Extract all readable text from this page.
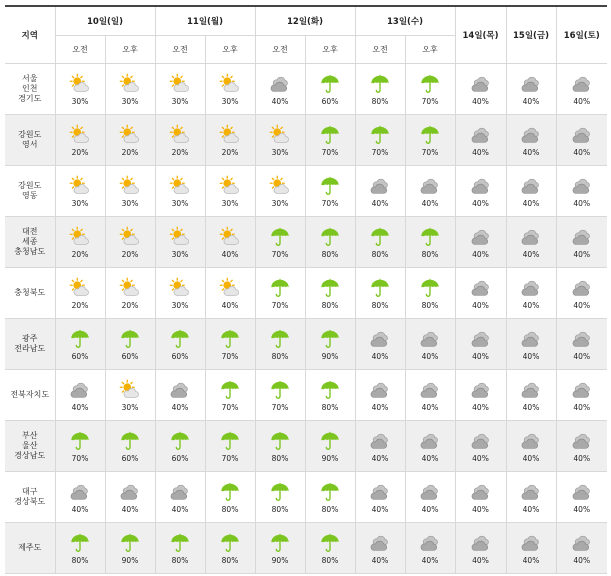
지역	10일(일)		11일(월)		12일(화)		13일(수)		14일(목)	15일(금)	16일(토)
	오전	오후	오전	오후	오전	오후	오전	오후			

서울
인천
경기도	30%	30%	30%	30%	40%	60%	80%	70%	40%	40%	40%

강원도
영서	20%	20%	20%	20%	30%	70%	70%	70%	40%	40%	40%

강원도
영동	30%	30%	30%	30%	30%	70%	40%	40%	40%	40%	40%

대전
세종
충청남도	20%	20%	30%	40%	70%	80%	80%	80%	40%	40%	40%

충청북도	20%	20%	30%	40%	70%	80%	80%	80%	40%	40%	40%

광주
전라남도	60%	60%	60%	70%	80%	90%	40%	40%	40%	40%	40%

전북자치도	40%	30%	40%	70%	70%	80%	40%	40%	40%	40%	40%

부산
울산
경상남도	70%	60%	60%	70%	80%	90%	40%	40%	40%	40%	40%

대구
경상북도	40%	40%	40%	80%	80%	80%	40%	40%	40%	40%	40%

제주도	80%	90%	80%	80%	90%	80%	40%	40%	40%	40%	40%
